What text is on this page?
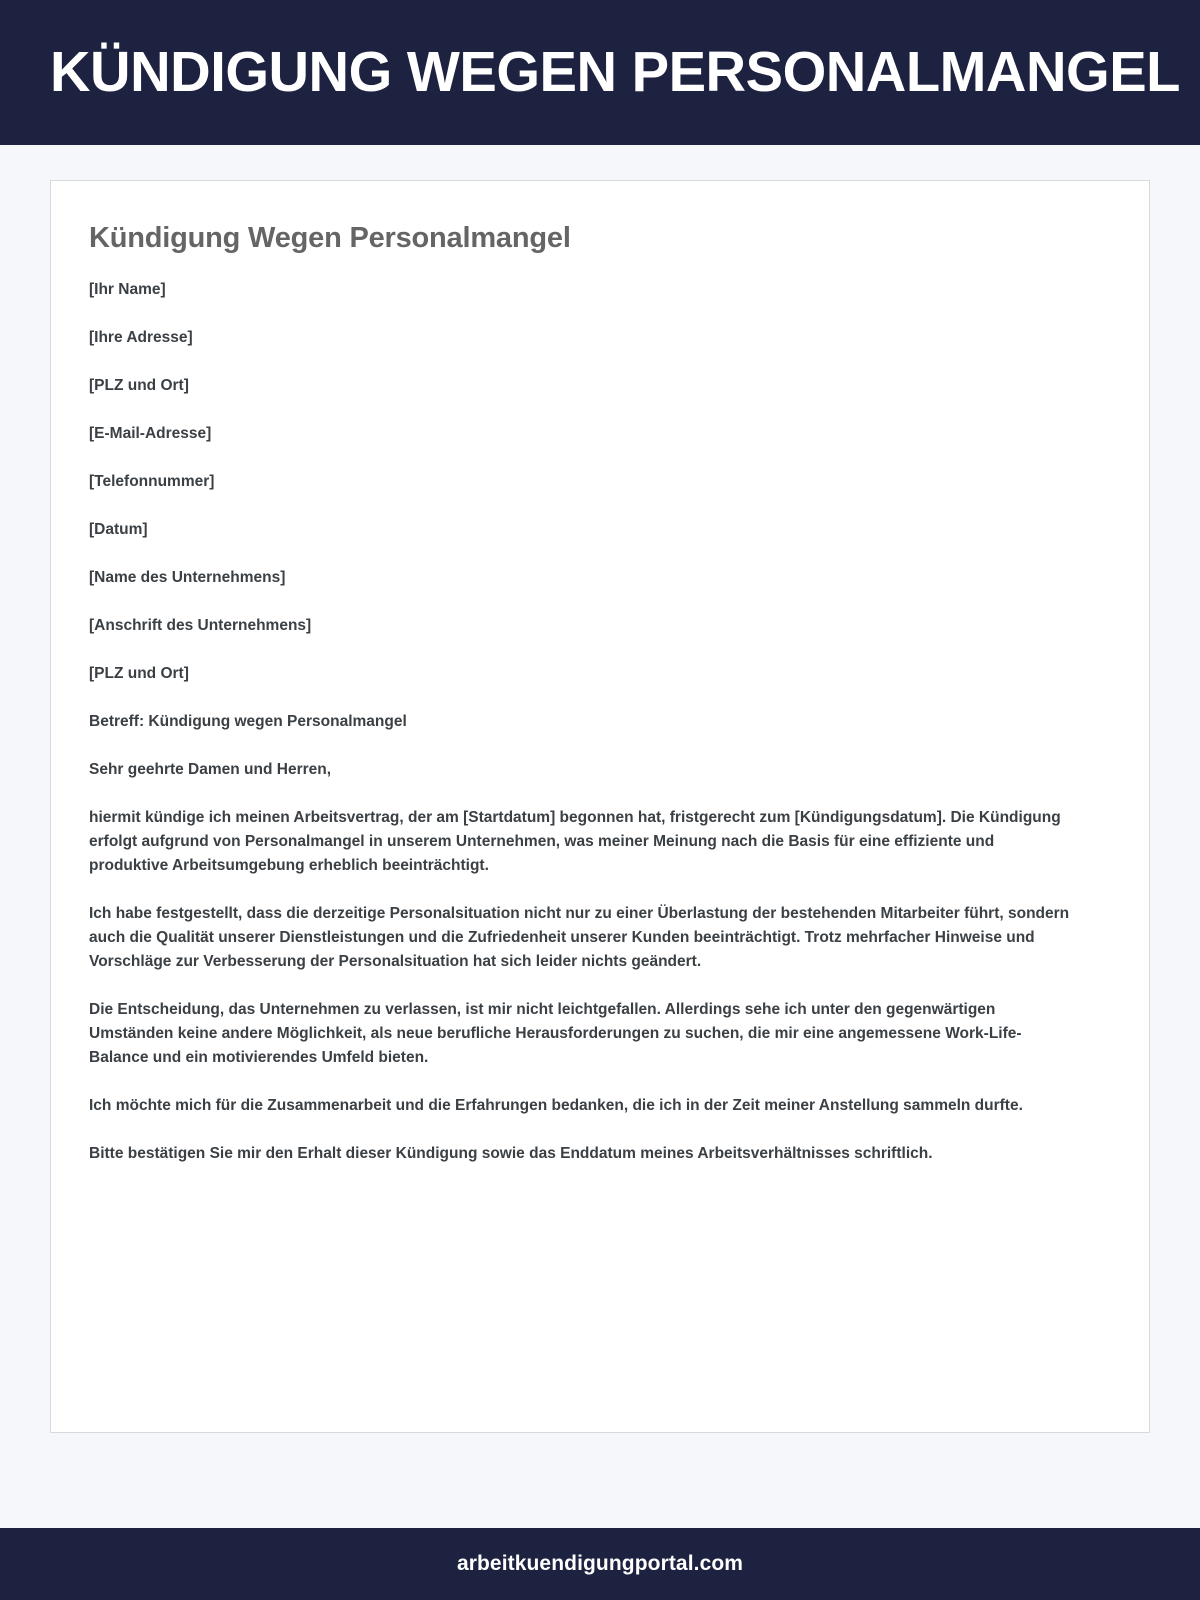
KÜNDIGUNG WEGEN PERSONALMANGEL
Kündigung Wegen Personalmangel

[Ihr Name]

[Ihre Adresse]

[PLZ und Ort]

[E-Mail-Adresse]

[Telefonnummer]

[Datum]

[Name des Unternehmens]

[Anschrift des Unternehmens]

[PLZ und Ort]

Betreff: Kündigung wegen Personalmangel

Sehr geehrte Damen und Herren,

hiermit kündige ich meinen Arbeitsvertrag, der am [Startdatum] begonnen hat, fristgerecht zum [Kündigungsdatum]. Die Kündigung erfolgt aufgrund von Personalmangel in unserem Unternehmen, was meiner Meinung nach die Basis für eine effiziente und produktive Arbeitsumgebung erheblich beeinträchtigt.

Ich habe festgestellt, dass die derzeitige Personalsituation nicht nur zu einer Überlastung der bestehenden Mitarbeiter führt, sondern auch die Qualität unserer Dienstleistungen und die Zufriedenheit unserer Kunden beeinträchtigt. Trotz mehrfacher Hinweise und Vorschläge zur Verbesserung der Personalsituation hat sich leider nichts geändert.

Die Entscheidung, das Unternehmen zu verlassen, ist mir nicht leichtgefallen. Allerdings sehe ich unter den gegenwärtigen Umständen keine andere Möglichkeit, als neue berufliche Herausforderungen zu suchen, die mir eine angemessene Work-Life-Balance und ein motivierendes Umfeld bieten.

Ich möchte mich für die Zusammenarbeit und die Erfahrungen bedanken, die ich in der Zeit meiner Anstellung sammeln durfte.

Bitte bestätigen Sie mir den Erhalt dieser Kündigung sowie das Enddatum meines Arbeitsverhältnisses schriftlich.

arbeitkuendigungportal.com
